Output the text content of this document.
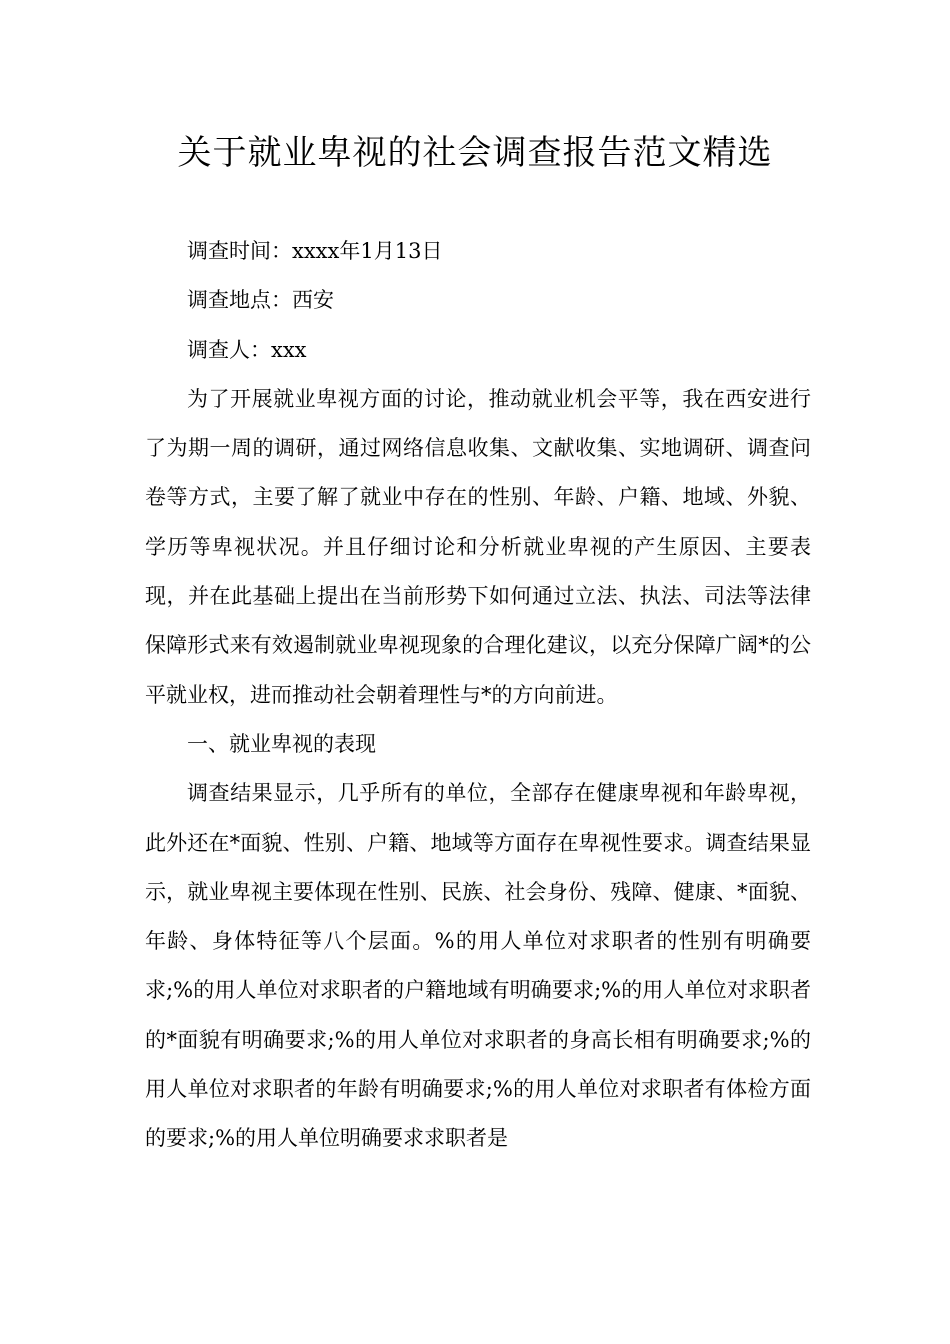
关于就业卑视的社会调查报告范文精选

调查时间：xxxx年1月13日

调查地点：西安

调查人：xxx

为了开展就业卑视方面的讨论，推动就业机会平等，我在西安进行了为期一周的调研，通过网络信息收集、文献收集、实地调研、调查问卷等方式，主要了解了就业中存在的性别、年龄、户籍、地域、外貌、学历等卑视状况。并且仔细讨论和分析就业卑视的产生原因、主要表现，并在此基础上提出在当前形势下如何通过立法、执法、司法等法律保障形式来有效遏制就业卑视现象的合理化建议，以充分保障广阔*的公平就业权，进而推动社会朝着理性与*的方向前进。

一、就业卑视的表现

调查结果显示，几乎所有的单位，全部存在健康卑视和年龄卑视，此外还在*面貌、性别、户籍、地域等方面存在卑视性要求。调查结果显示，就业卑视主要体现在性别、民族、社会身份、残障、健康、*面貌、年龄、身体特征等八个层面。%的用人单位对求职者的性别有明确要求;%的用人单位对求职者的户籍地域有明确要求;%的用人单位对求职者的*面貌有明确要求;%的用人单位对求职者的身高长相有明确要求;%的用人单位对求职者的年龄有明确要求;%的用人单位对求职者有体检方面的要求;%的用人单位明确要求求职者是
